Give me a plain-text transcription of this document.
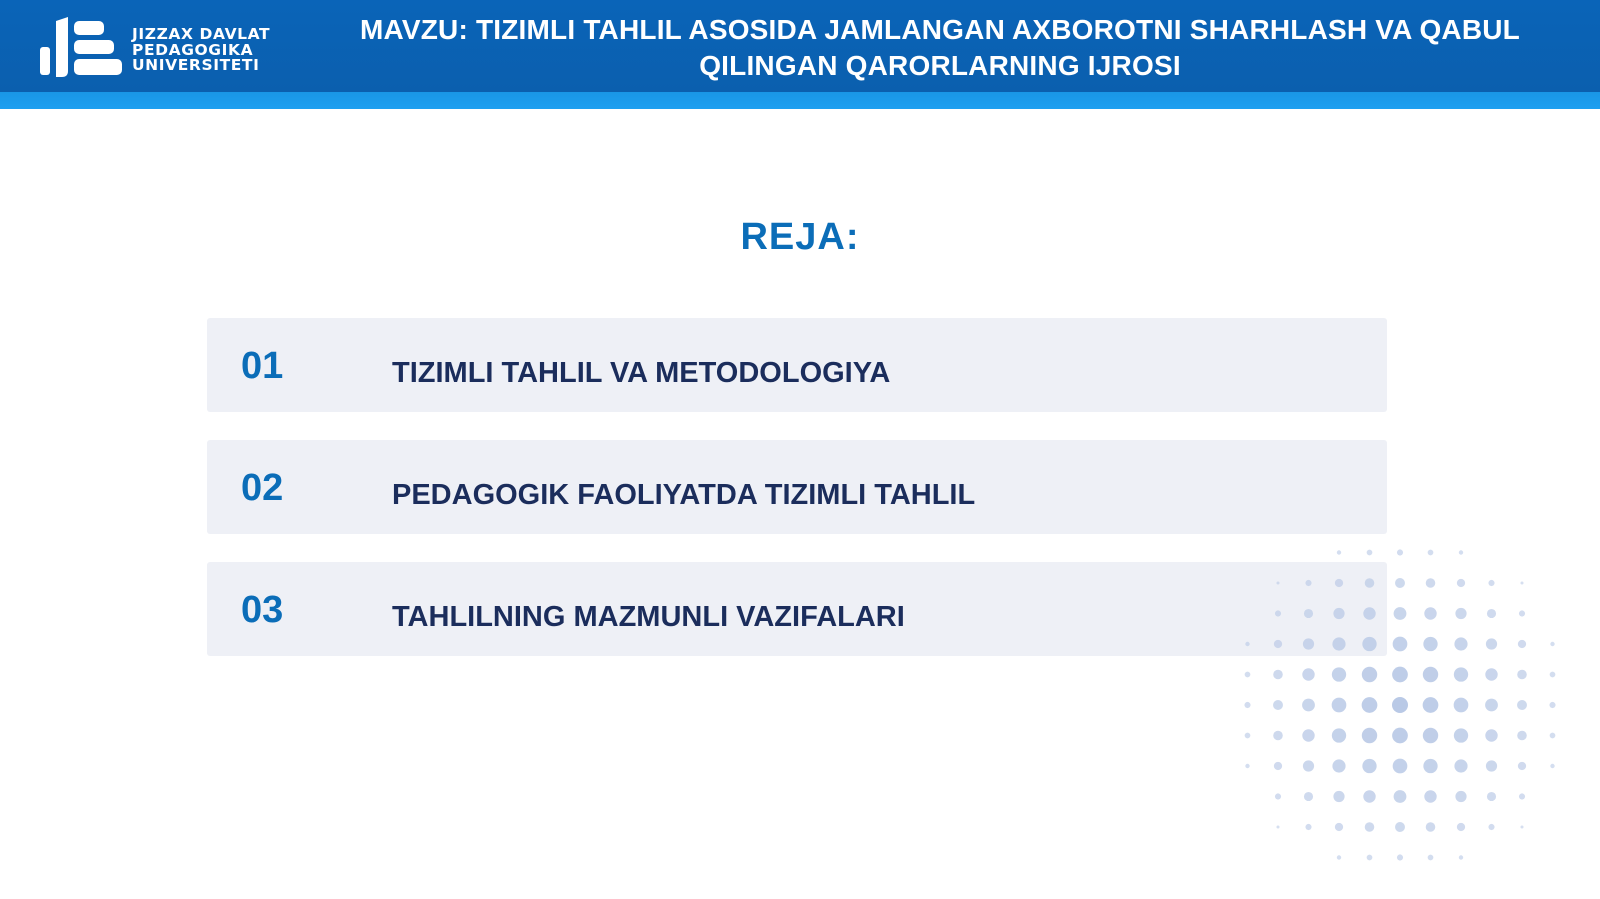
JIZZAX DAVLAT
PEDAGOGIKA
UNIVERSITETI
MAVZU: TIZIMLI TAHLIL ASOSIDA JAMLANGAN AXBOROTNI SHARHLASH VA QABUL
QILINGAN QARORLARNING IJROSI
REJA:
01	TIZIMLI TAHLIL VA METODOLOGIYA
02	PEDAGOGIK FAOLIYATDA TIZIMLI TAHLIL
03	TAHLILNING MAZMUNLI VAZIFALARI
